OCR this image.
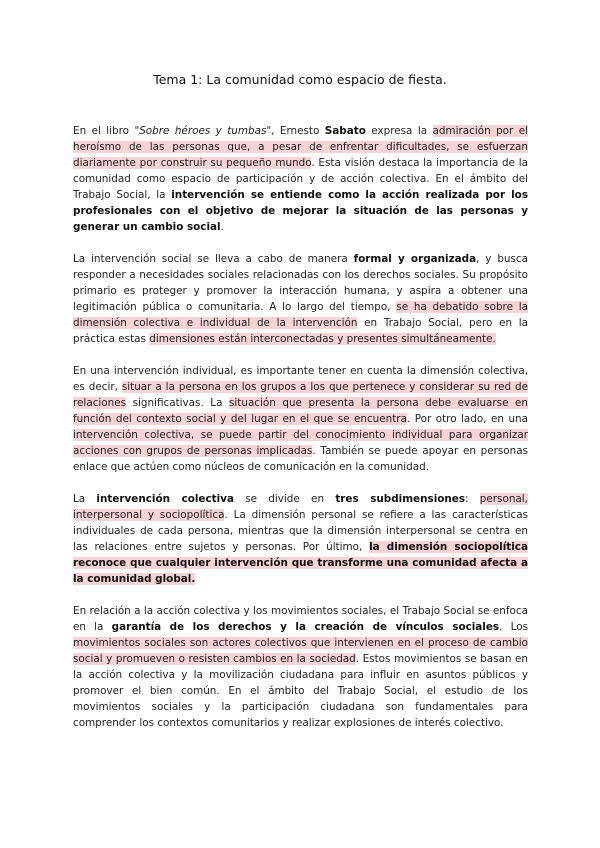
Tema 1: La comunidad como espacio de fiesta.

En el libro "Sobre héroes y tumbas", Ernesto Sabato expresa la admiración por el heroísmo de las personas que, a pesar de enfrentar dificultades, se esfuerzan diariamente por construir su pequeño mundo. Esta visión destaca la importancia de la comunidad como espacio de participación y de acción colectiva. En el ámbito del Trabajo Social, la intervención se entiende como la acción realizada por los profesionales con el objetivo de mejorar la situación de las personas y generar un cambio social.

La intervención social se lleva a cabo de manera formal y organizada, y busca responder a necesidades sociales relacionadas con los derechos sociales. Su propósito primario es proteger y promover la interacción humana, y aspira a obtener una legitimación pública o comunitaria. A lo largo del tiempo, se ha debatido sobre la dimensión colectiva e individual de la intervención en Trabajo Social, pero en la práctica estas dimensiones están interconectadas y presentes simultáneamente.

En una intervención individual, es importante tener en cuenta la dimensión colectiva, es decir, situar a la persona en los grupos a los que pertenece y considerar su red de relaciones significativas. La situación que presenta la persona debe evaluarse en función del contexto social y del lugar en el que se encuentra. Por otro lado, en una intervención colectiva, se puede partir del conocimiento individual para organizar acciones con grupos de personas implicadas. También se puede apoyar en personas enlace que actúen como núcleos de comunicación en la comunidad.

La intervención colectiva se divide en tres subdimensiones: personal, interpersonal y sociopolítica. La dimensión personal se refiere a las características individuales de cada persona, mientras que la dimensión interpersonal se centra en las relaciones entre sujetos y personas. Por último, la dimensión sociopolítica reconoce que cualquier intervención que transforme una comunidad afecta a la comunidad global.

En relación a la acción colectiva y los movimientos sociales, el Trabajo Social se enfoca en la garantía de los derechos y la creación de vínculos sociales. Los movimientos sociales son actores colectivos que intervienen en el proceso de cambio social y promueven o resisten cambios en la sociedad. Estos movimientos se basan en la acción colectiva y la movilización ciudadana para influir en asuntos públicos y promover el bien común. En el ámbito del Trabajo Social, el estudio de los movimientos sociales y la participación ciudadana son fundamentales para comprender los contextos comunitarios y realizar explosiones de interés colectivo.
